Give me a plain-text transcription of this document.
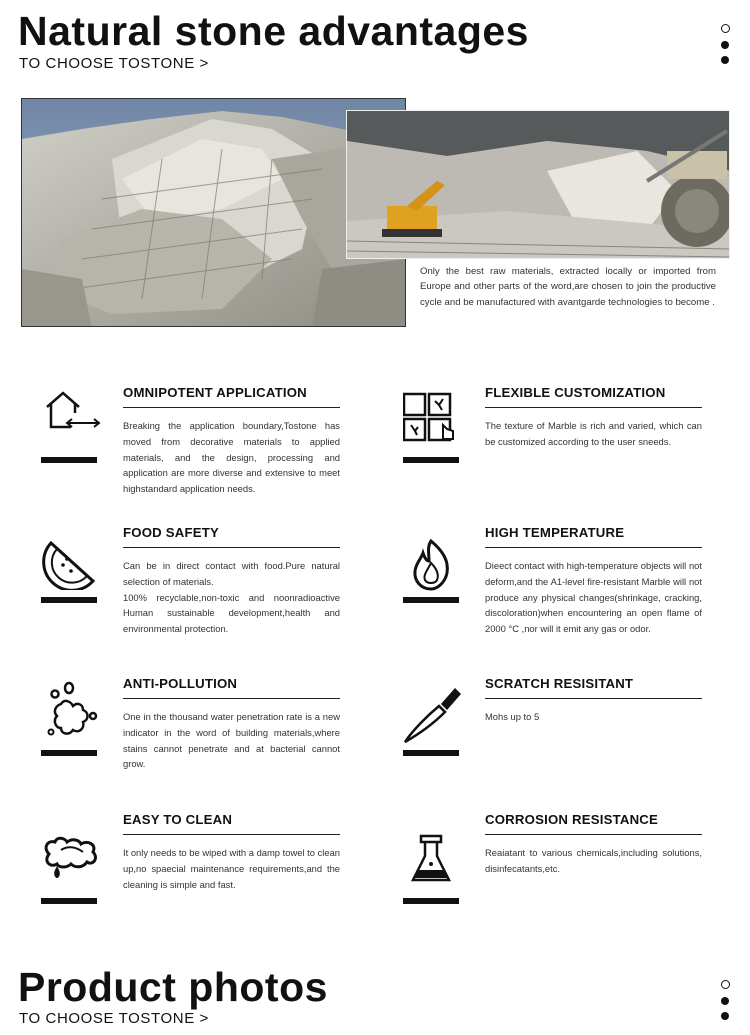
Natural stone advantages
TO CHOOSE TOSTONE >
Only the best raw materials, extracted locally or imported from Europe and other parts of the word,are chosen to join the productive cycle and be manufactured with avantgarde technologies to become .
OMNIPOTENT APPLICATION
Breaking the application boundary,Tostone has moved from decorative materials to applied materials, and the design, processing and application are more diverse and extensive to meet highstandard application needs.
FLEXIBLE CUSTOMIZATION
The texture of Marble is rich and varied, which can be customized according to the user sneeds.
FOOD SAFETY
Can be in direct contact with food.Pure natural selection of materials.
100% recyclable,non-toxic and noonradioactive Human sustainable development,health and environmental protection.
HIGH TEMPERATURE
Dieect contact with high-temperature objects will not deform,and the A1-level fire-resistant Marble will not produce any physical changes(shrinkage, cracking, discoloration)when encountering an open flame of 2000 °C ,nor will it emit any gas or odor.
ANTI-POLLUTION
One in the thousand water penetration rate is a new indicator in the word of building materials,where stains cannot penetrate and at bacterial cannot grow.
SCRATCH RESISITANT
Mohs up to 5
EASY TO CLEAN
It only needs to be wiped with a damp towel to clean up,no spaecial maintenance requirements,and the cleaning is simple and fast.
CORROSION RESISTANCE
Reaiatant to various chemicals,including solutions, disinfecatants,etc.
Product photos
TO CHOOSE TOSTONE >
